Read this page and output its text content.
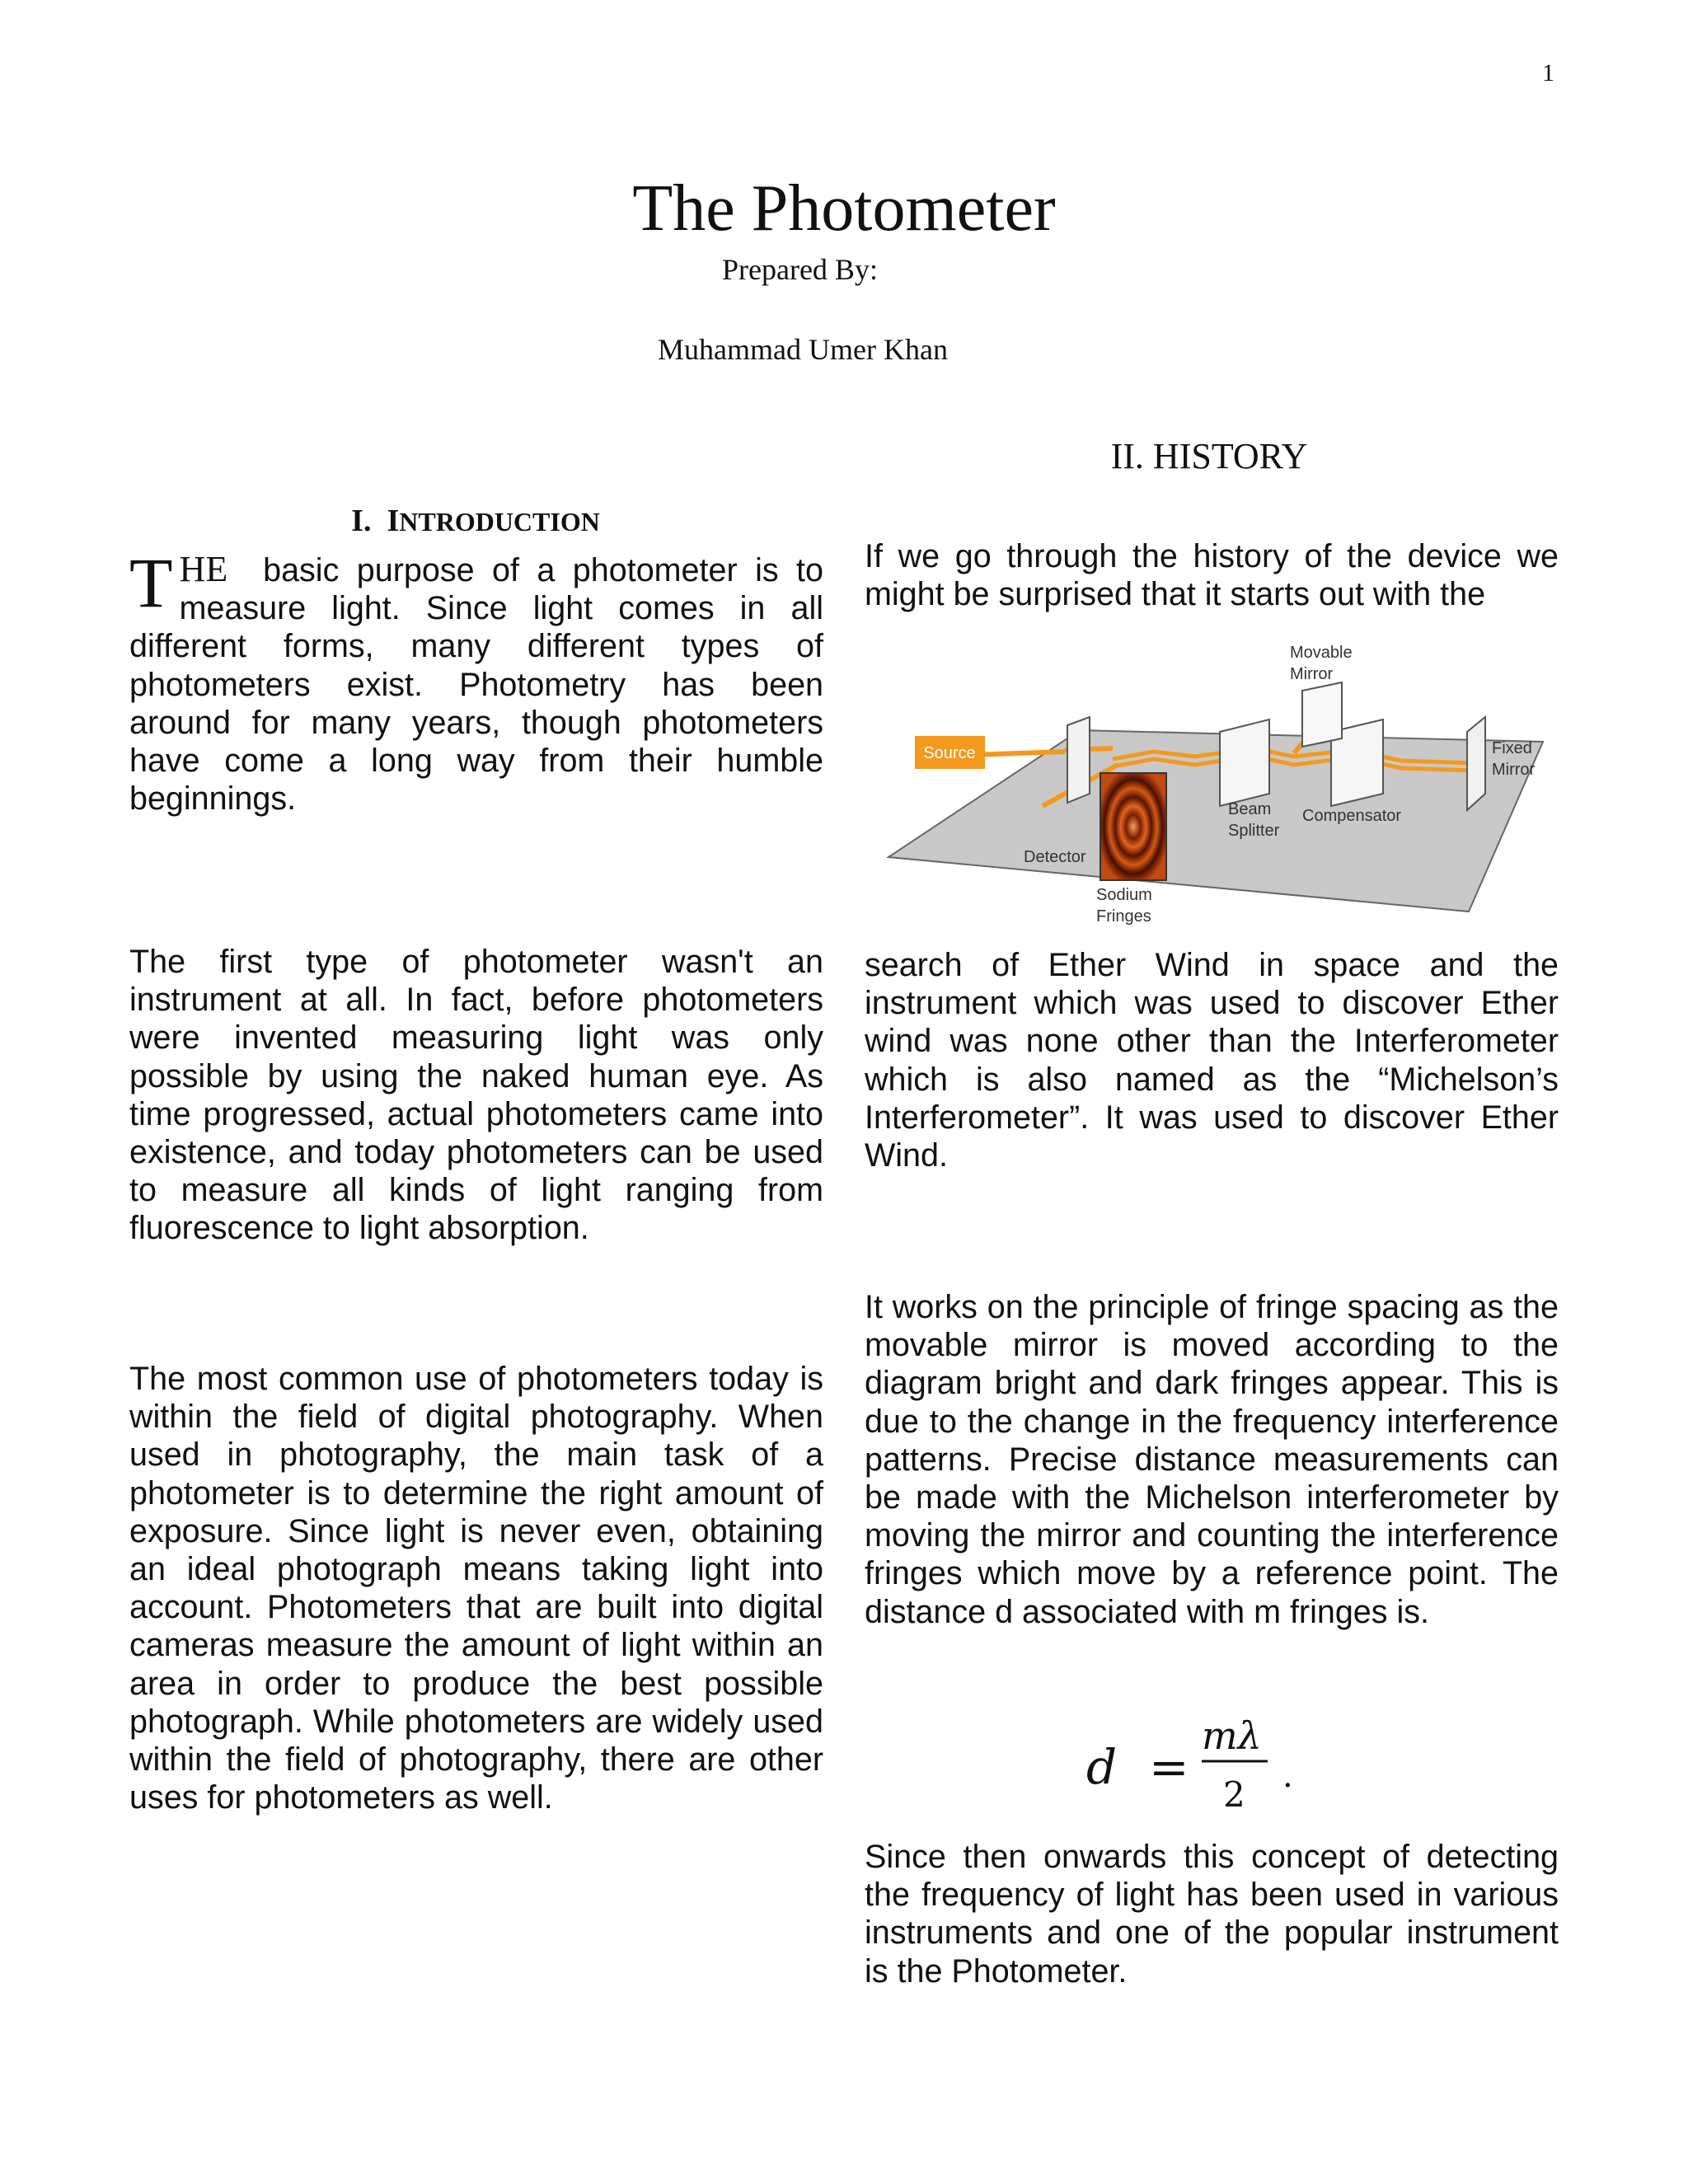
1
The Photometer
Prepared By:
Muhammad Umer Khan
I. INTRODUCTION

THE basic purpose of a photometer is to measure light. Since light comes in all different forms, many different types of photometers exist. Photometry has been around for many years, though photometers have come a long way from their humble beginnings.

The first type of photometer wasn't an instrument at all. In fact, before photometers were invented measuring light was only possible by using the naked human eye. As time progressed, actual photometers came into existence, and today photometers can be used to measure all kinds of light ranging from fluorescence to light absorption.
The most common use of photometers today is within the field of digital photography. When used in photography, the main task of a photometer is to determine the right amount of exposure. Since light is never even, obtaining an ideal photograph means taking light into account. Photometers that are built into digital cameras measure the amount of light within an area in order to produce the best possible photograph. While photometers are widely used within the field of photography, there are other uses for photometers as well.
II. HISTORY
If we go through the history of the device we might be surprised that it starts out with the
Source
Movable
Mirror
Fixed
Mirror
Beam
Splitter
Compensator
Detector
Sodium
Fringes
search of Ether Wind in space and the instrument which was used to discover Ether wind was none other than the Interferometer which is also named as the “Michelson’s Interferometer”. It was used to discover Ether Wind.
It works on the principle of fringe spacing as the movable mirror is moved according to the diagram bright and dark fringes appear. This is due to the change in the frequency interference patterns. Precise distance measurements can be made with the Michelson interferometer by moving the mirror and counting the interference fringes which move by a reference point. The distance d associated with m fringes is.
d =
mλ
2 .
Since then onwards this concept of detecting the frequency of light has been used in various instruments and one of the popular instrument is the Photometer.
